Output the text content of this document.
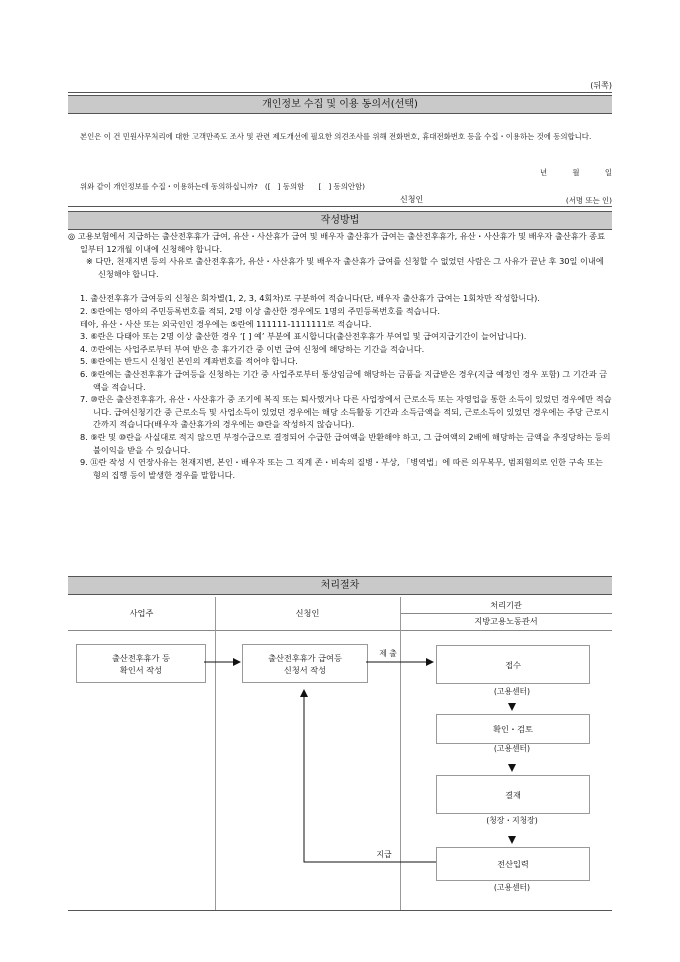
(뒤쪽)
개인정보 수집 및 이용 동의서(선택)
본인은 이 건 민원사무처리에 대한 고객만족도 조사 및 관련 제도개선에 필요한 의견조사를 위해 전화번호, 휴대전화번호 등을 수집・이용하는 것에 동의합니다.
년	월	일
위와 같이 개인정보를 수집・이용하는데 동의하십니까?   ([   ] 동의함      [   ] 동의안함)
신청인	(서명 또는 인)
작성방법

◎ 고용보험에서 지급하는 출산전후휴가 급여, 유산・사산휴가 급여 및 배우자 출산휴가 급여는 출산전후휴가, 유산・사산휴가 및 배우자 출산휴가 종료일부터 12개월 이내에 신청해야 합니다.

※ 다만, 천재지변 등의 사유로 출산전후휴가, 유산・사산휴가 및 배우자 출산휴가 급여를 신청할 수 없었던 사람은 그 사유가 끝난 후 30일 이내에 신청해야 합니다.

1. 출산전후휴가 급여등의 신청은 회차별(1, 2, 3, 4회차)로 구분하여 적습니다(단, 배우자 출산휴가 급여는 1회차만 작성합니다).

2. ⑤란에는 영아의 주민등록번호를 적되, 2명 이상 출산한 경우에도 1명의 주민등록번호를 적습니다.

테아, 유산・사산 또는 외국인인 경우에는 ⑤란에 111111-1111111로 적습니다.

3. ⑥란은 다태아 또는 2명 이상 출산한 경우 ‘[ ] 예’ 부분에 표시합니다(출산전후휴가 부여일 및 급여지급기간이 늘어납니다).

4. ⑦란에는 사업주로부터 부여 받은 총 휴가기간 중 이번 급여 신청에 해당하는 기간을 적습니다.

5. ⑧란에는 반드시 신청인 본인의 계좌번호를 적어야 합니다.

6. ⑨란에는 출산전후휴가 급여등을 신청하는 기간 중 사업주로부터 통상임금에 해당하는 금품을 지급받은 경우(지급 예정인 경우 포함) 그 기간과 금액을 적습니다.

7. ⑩란은 출산전후휴가, 유산・사산휴가 중 조기에 복직 또는 퇴사했거나 다른 사업장에서 근로소득 또는 자영업을 통한 소득이 있었던 경우에만 적습니다. 급여신청기간 중 근로소득 및 사업소득이 있었던 경우에는 해당 소득활동 기간과 소득금액을 적되, 근로소득이 있었던 경우에는 주당 근로시간까지 적습니다(배우자 출산휴가의 경우에는 ⑩란을 작성하지 않습니다).

8. ⑨란 및 ⑩란을 사실대로 적지 않으면 부정수급으로 결정되어 수급한 급여액을 반환해야 하고, 그 급여액의 2배에 해당하는 금액을 추징당하는 등의 불이익을 받을 수 있습니다.

9. ⑪란 작성 시 연장사유는 천재지변, 본인・배우자 또는 그 직계 존・비속의 질병・부상, 「병역법」에 따른 의무복무, 범죄혐의로 인한 구속 또는 형의 집행 등이 발생한 경우를 말합니다.

처리절차
사업주	신청인
처리기관
지방고용노동관서
출산전후휴가 등
확인서 작성
출산전후휴가 급여등
신청서 작성	접수
(고용센터)
확인・검토
(고용센터)
결재
(청장・지청장)
전산입력
(고용센터)
제 출
지급
